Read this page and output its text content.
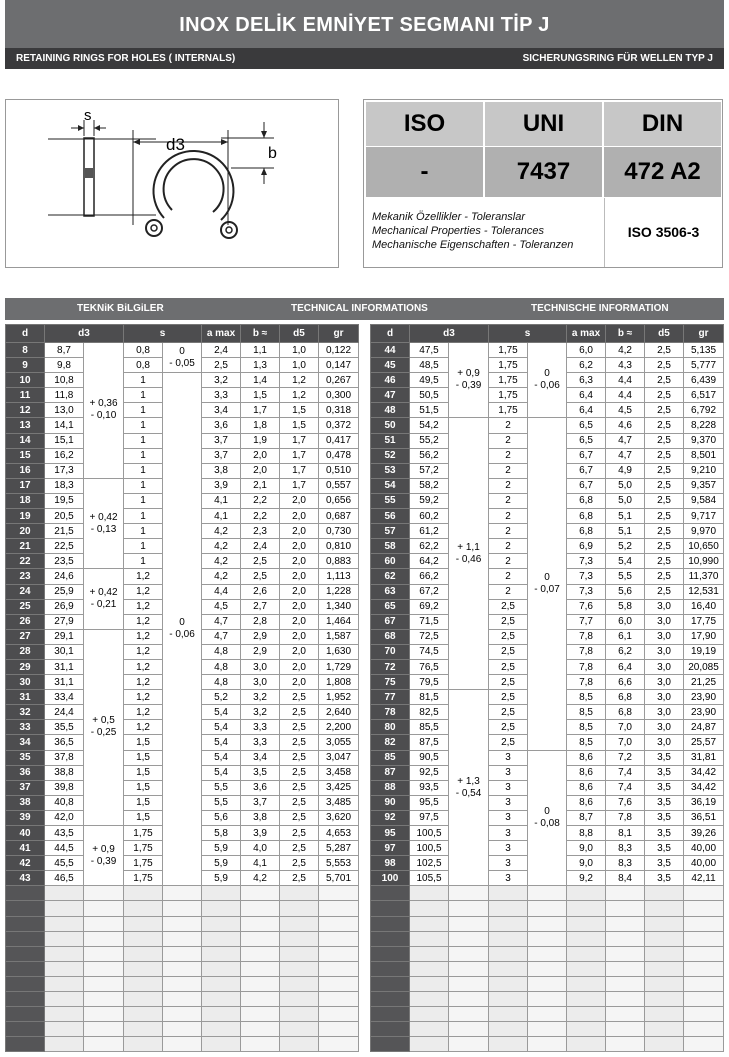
INOX DELİK EMNİYET SEGMANI TİP J
RETAINING RINGS FOR HOLES ( INTERNALS)	SICHERUNGSRING FÜR WELLEN TYP J
s
d3	b
ISO	UNI	DIN
-	7437	472 A2
Mekanik Özellikler - Toleranslar
Mechanical Properties - Tolerances
Mechanische Eigenschaften - Toleranzen
ISO 3506-3
TEKNiK BiLGiLER	TECHNICAL INFORMATIONS	TECHNISCHE INFORMATION
d	d3		s		a max	b ≈	d5	gr
8	8,7	+ 0,36
- 0,10	0,8	0
- 0,05	2,4	1,1	1,0	0,122
9	9,8		0,8		2,5	1,3	1,0	0,147
10	10,8		1	0
- 0,06	3,2	1,4	1,2	0,267
11	11,8		1		3,3	1,5	1,2	0,300
12	13,0		1		3,4	1,7	1,5	0,318
13	14,1		1		3,6	1,8	1,5	0,372
14	15,1		1		3,7	1,9	1,7	0,417
15	16,2		1		3,7	2,0	1,7	0,478
16	17,3		1		3,8	2,0	1,7	0,510
17	18,3	+ 0,42
- 0,13	1		3,9	2,1	1,7	0,557
18	19,5		1		4,1	2,2	2,0	0,656
19	20,5		1		4,1	2,2	2,0	0,687
20	21,5		1		4,2	2,3	2,0	0,730
21	22,5		1		4,2	2,4	2,0	0,810
22	23,5		1		4,2	2,5	2,0	0,883
23	24,6	+ 0,42
- 0,21	1,2		4,2	2,5	2,0	1,113
24	25,9		1,2		4,4	2,6	2,0	1,228
25	26,9		1,2		4,5	2,7	2,0	1,340
26	27,9		1,2		4,7	2,8	2,0	1,464
27	29,1	+ 0,5
- 0,25	1,2		4,7	2,9	2,0	1,587
28	30,1		1,2		4,8	2,9	2,0	1,630
29	31,1		1,2		4,8	3,0	2,0	1,729
30	31,1		1,2		4,8	3,0	2,0	1,808
31	33,4		1,2		5,2	3,2	2,5	1,952
32	24,4		1,2		5,4	3,2	2,5	2,640
33	35,5		1,2		5,4	3,3	2,5	2,200
34	36,5		1,5		5,4	3,3	2,5	3,055
35	37,8		1,5		5,4	3,4	2,5	3,047
36	38,8		1,5		5,4	3,5	2,5	3,458
37	39,8		1,5		5,5	3,6	2,5	3,425
38	40,8		1,5		5,5	3,7	2,5	3,485
39	42,0		1,5		5,6	3,8	2,5	3,620
40	43,5	+ 0,9
- 0,39	1,75		5,8	3,9	2,5	4,653
41	44,5		1,75		5,9	4,0	2,5	5,287
42	45,5		1,75		5,9	4,1	2,5	5,553
43	46,5		1,75		5,9	4,2	2,5	5,701

d	d3		s		a max	b ≈	d5	gr
44	47,5	+ 0,9
- 0,39	1,75	0
- 0,06	6,0	4,2	2,5	5,135
45	48,5		1,75		6,2	4,3	2,5	5,777
46	49,5		1,75		6,3	4,4	2,5	6,439
47	50,5		1,75		6,4	4,4	2,5	6,517
48	51,5		1,75		6,4	4,5	2,5	6,792
50	54,2	+ 1,1
- 0,46	2	0
- 0,07	6,5	4,6	2,5	8,228
51	55,2		2		6,5	4,7	2,5	9,370
52	56,2		2		6,7	4,7	2,5	8,501
53	57,2		2		6,7	4,9	2,5	9,210
54	58,2		2		6,7	5,0	2,5	9,357
55	59,2		2		6,8	5,0	2,5	9,584
56	60,2		2		6,8	5,1	2,5	9,717
57	61,2		2		6,8	5,1	2,5	9,970
58	62,2		2		6,9	5,2	2,5	10,650
60	64,2		2		7,3	5,4	2,5	10,990
62	66,2		2		7,3	5,5	2,5	11,370
63	67,2		2		7,3	5,6	2,5	12,531
65	69,2		2,5		7,6	5,8	3,0	16,40
67	71,5		2,5		7,7	6,0	3,0	17,75
68	72,5		2,5		7,8	6,1	3,0	17,90
70	74,5		2,5		7,8	6,2	3,0	19,19
72	76,5		2,5		7,8	6,4	3,0	20,085
75	79,5		2,5		7,8	6,6	3,0	21,25
77	81,5	+ 1,3
- 0,54	2,5		8,5	6,8	3,0	23,90
78	82,5		2,5		8,5	6,8	3,0	23,90
80	85,5		2,5		8,5	7,0	3,0	24,87
82	87,5		2,5		8,5	7,0	3,0	25,57
85	90,5		3	0
- 0,08	8,6	7,2	3,5	31,81
87	92,5		3		8,6	7,4	3,5	34,42
88	93,5		3		8,6	7,4	3,5	34,42
90	95,5		3		8,6	7,6	3,5	36,19
92	97,5		3		8,7	7,8	3,5	36,51
95	100,5		3		8,8	8,1	3,5	39,26
97	100,5		3		9,0	8,3	3,5	40,00
98	102,5		3		9,0	8,3	3,5	40,00
100	105,5		3		9,2	8,4	3,5	42,11
